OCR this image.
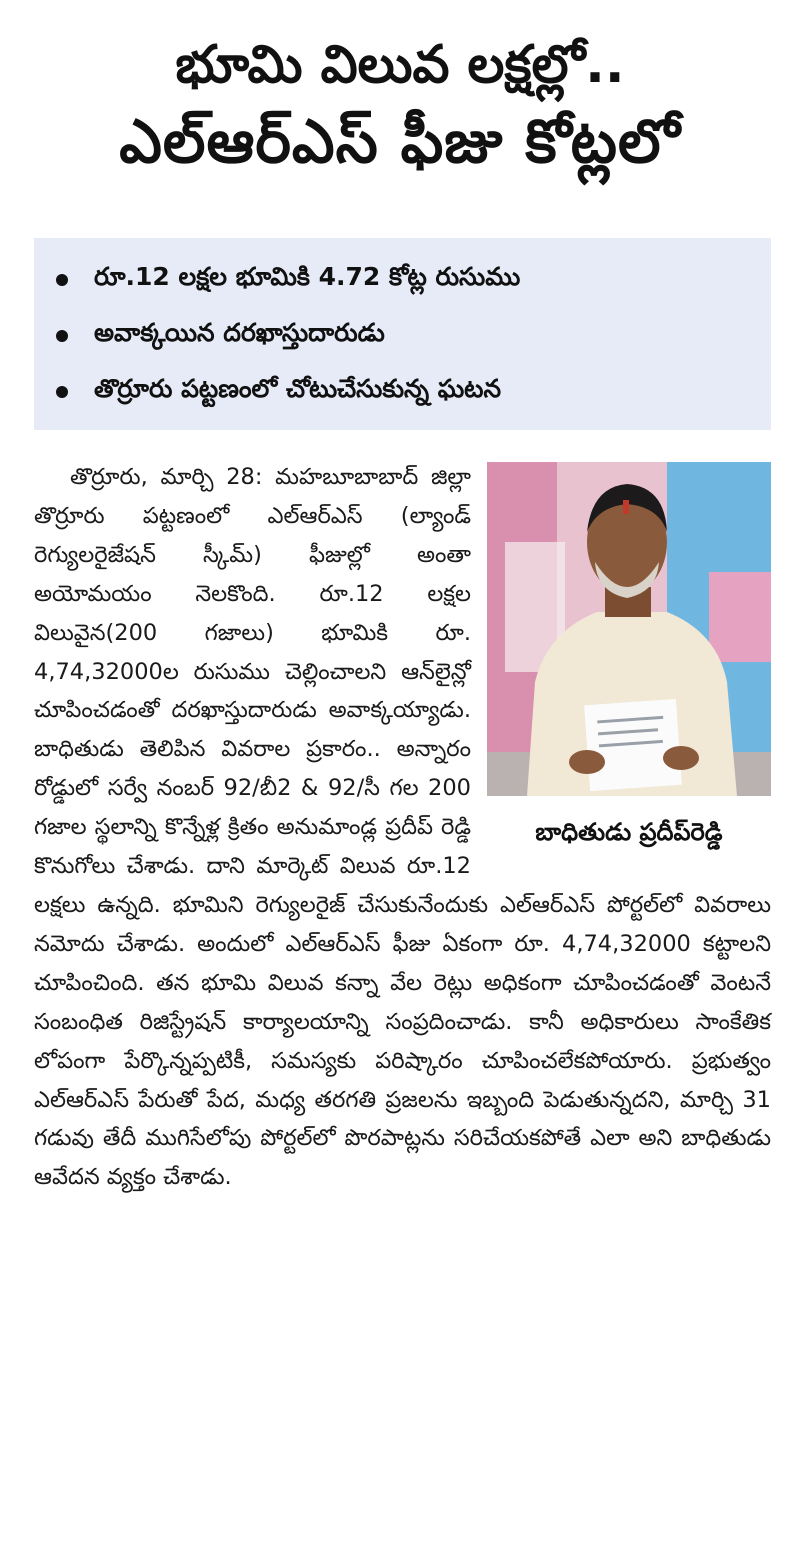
భూమి విలువ లక్షల్లో..
ఎల్‌ఆర్‌ఎస్‌ ఫీజు కోట్లలో
రూ.12 లక్షల భూమికి 4.72 కోట్ల రుసుము
అవాక్కయిన దరఖాస్తుదారుడు
తొర్రూరు పట్టణంలో చోటుచేసుకున్న ఘటన

తొర్రూరు, మార్చి 28: మహబూబాబాద్‌ జిల్లా తొర్రూరు పట్టణంలో ఎల్‌ఆర్‌ఎస్‌ (ల్యాండ్‌ రెగ్యులరైజేషన్‌ స్కీమ్‌) ఫీజుల్లో అంతా అయోమయం నెలకొంది. రూ.12 లక్షల విలువైన(200 గజాలు) భూమికి రూ. 4,74,32000ల రుసుము చెల్లించాలని ఆన్‌లైన్లో చూపించడంతో దరఖాస్తుదారుడు అవాక్కయ్యాడు. బాధితుడు తెలిపిన వివరాల ప్రకారం.. అన్నారం రోడ్డులో సర్వే నంబర్‌ 92/బీ2 & 92/సీ గల 200 గజాల స్థలాన్ని కొన్నేళ్ల క్రితం అనుమాండ్ల ప్రదీప్‌ రెడ్డి కొనుగోలు చేశాడు. దాని మార్కెట్‌ విలువ రూ.12 లక్షలు ఉన్నది. భూమిని రెగ్యులరైజ్‌ చేసుకునేందుకు ఎల్‌ఆర్‌ఎస్‌ పోర్టల్‌లో వివరాలు నమోదు చేశాడు. అందులో ఎల్‌ఆర్‌ఎస్‌ ఫీజు ఏకంగా రూ. 4,74,32000 కట్టాలని చూపించింది. తన భూమి విలువ కన్నా వేల రెట్లు అధికంగా చూపించడంతో వెంటనే సంబంధిత రిజిస్ట్రేషన్‌ కార్యాలయాన్ని సంప్రదించాడు. కానీ అధికారులు సాంకేతిక లోపంగా పేర్కొన్నప్పటికీ, సమస్యకు పరిష్కారం చూపించలేకపోయారు. ప్రభుత్వం ఎల్‌ఆర్‌ఎస్‌ పేరుతో పేద, మధ్య తరగతి ప్రజలను ఇబ్బంది పెడుతున్నదని, మార్చి 31 గడువు తేదీ ముగిసేలోపు పోర్టల్‌లో పొరపాట్లను సరిచేయకపోతే ఎలా అని బాధితుడు ఆవేదన వ్యక్తం చేశాడు.

బాధితుడు ప్రదీప్‌రెడ్డి
